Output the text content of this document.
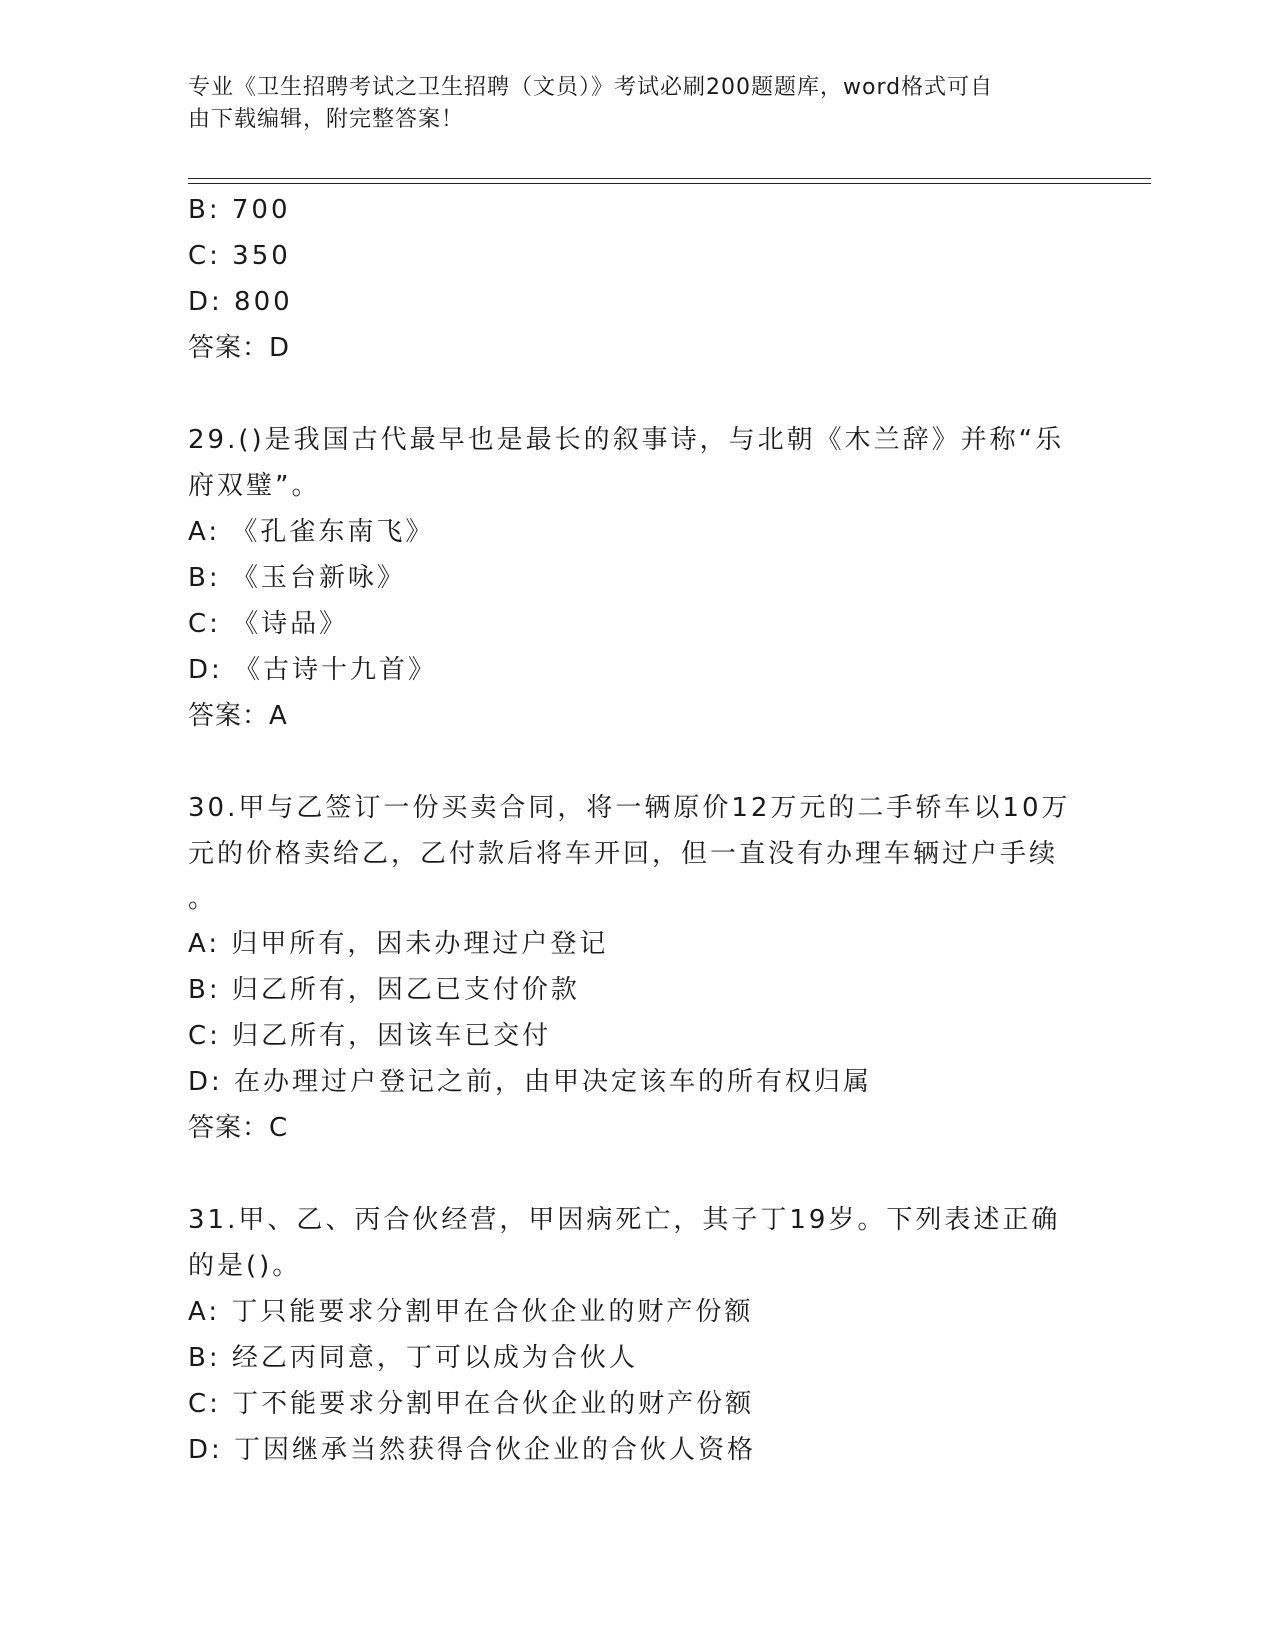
专业《卫生招聘考试之卫生招聘（文员）》考试必刷200题题库，word格式可自
由下载编辑，附完整答案！
B: 700
C: 350
D: 800
答案：D
29.()是我国古代最早也是最长的叙事诗，与北朝《木兰辞》并称“乐
府双璧”。
A: 《孔雀东南飞》
B: 《玉台新咏》
C: 《诗品》
D: 《古诗十九首》
答案：A
30.甲与乙签订一份买卖合同，将一辆原价12万元的二手轿车以10万
元的价格卖给乙，乙付款后将车开回，但一直没有办理车辆过户手续
。
A: 归甲所有，因未办理过户登记
B: 归乙所有，因乙已支付价款
C: 归乙所有，因该车已交付
D: 在办理过户登记之前，由甲决定该车的所有权归属
答案：C
31.甲、乙、丙合伙经营，甲因病死亡，其子丁19岁。下列表述正确
的是()。
A: 丁只能要求分割甲在合伙企业的财产份额
B: 经乙丙同意，丁可以成为合伙人
C: 丁不能要求分割甲在合伙企业的财产份额
D: 丁因继承当然获得合伙企业的合伙人资格
